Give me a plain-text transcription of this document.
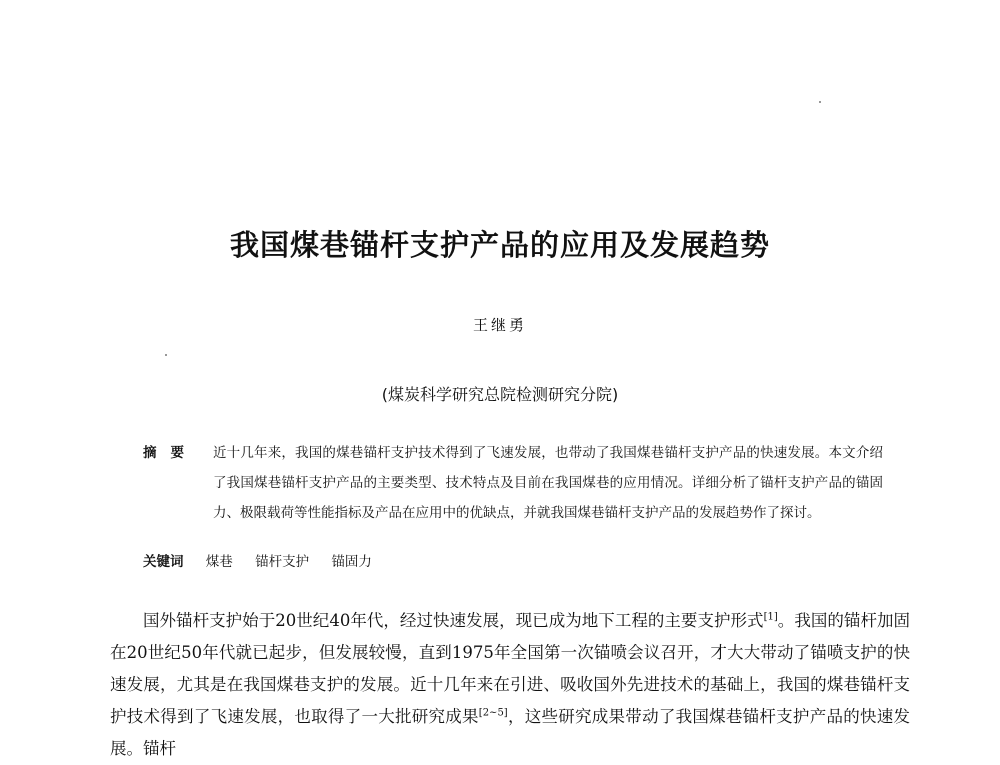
我国煤巷锚杆支护产品的应用及发展趋势
王继勇
(煤炭科学研究总院检测研究分院)
摘要 近十几年来，我国的煤巷锚杆支护技术得到了飞速发展，也带动了我国煤巷锚杆支护产品的快速发展。本文介绍了我国煤巷锚杆支护产品的主要类型、技术特点及目前在我国煤巷的应用情况。详细分析了锚杆支护产品的锚固力、极限载荷等性能指标及产品在应用中的优缺点，并就我国煤巷锚杆支护产品的发展趋势作了探讨。
关键词 煤巷 锚杆支护 锚固力

国外锚杆支护始于20世纪40年代，经过快速发展，现已成为地下工程的主要支护形式[1]。我国的锚杆加固在20世纪50年代就已起步，但发展较慢，直到1975年全国第一次锚喷会议召开，才大大带动了锚喷支护的快速发展，尤其是在我国煤巷支护的发展。近十几年来在引进、吸收国外先进技术的基础上，我国的煤巷锚杆支护技术得到了飞速发展，也取得了一大批研究成果[2~5]，这些研究成果带动了我国煤巷锚杆支护产品的快速发展。锚杆
